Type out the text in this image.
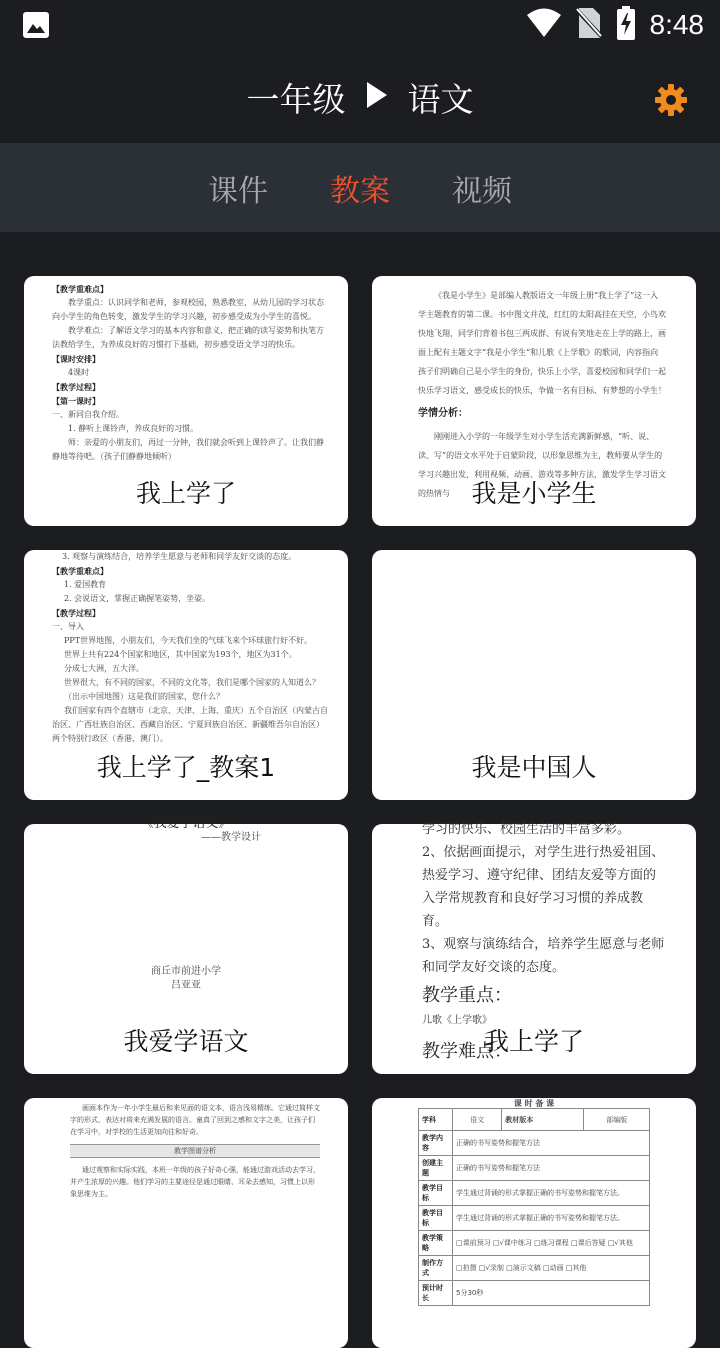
8:48
一年级 语文
课件 教案 视频
【教学重难点】
教学重点：认识同学和老师，参观校园，熟悉教室，从幼儿园的学习状态向小学生的角色转变，激发学生的学习兴趣，初步感受成为小学生的喜悦。
教学难点：了解语文学习的基本内容和意义，把正确的读写姿势和执笔方法教给学生，为养成良好的习惯打下基础，初步感受语文学习的快乐。
【课时安排】
4课时
【教学过程】
【第一课时】
一、新同自我介绍。
1. 静听上课铃声，养成良好的习惯。
师：亲爱的小朋友们，再过一分钟，我们就会听到上课铃声了。让我们静静地等待吧。（孩子们静静地倾听）
我上学了
《我是小学生》是部编人教版语文一年级上册“我上学了”这一入学主题教育的第二课。书中图文并茂，红红的太阳高挂在天空，小鸟欢快地飞翔，同学们背着书包三两成群、有说有笑地走在上学的路上，画面上配有主题文字“我是小学生”和儿歌《上学歌》的歌词，内容指向孩子们明确自己是小学生的身份，快乐上小学，喜爱校园和同学们一起快乐学习语文，感受成长的快乐，争做一名有目标、有梦想的小学生！
学情分析：
刚刚进入小学的一年级学生对小学生活充满新鲜感，“听、说、读、写”的语文水平处于启蒙阶段，以形象思维为主，教师要从学生的学习兴趣出发，利用视频、动画、游戏等多种方法，激发学生学习语文的热情与 我是小学生
3. 观察与演练结合，培养学生愿意与老师和同学友好交谈的态度。
【教学重难点】
1. 爱国教育
2. 会说语文，掌握正确握笔姿势，坐姿。
【教学过程】
一、导入
PPT世界地图，小朋友们，今天我们坐的气球飞来个环球旅行好不好。
世界上共有224个国家和地区，其中国家为193个，地区为31个。
分成七大洲，五大洋。
世界很大，有不同的国家，不同的文化等，我们是哪个国家的人知道么？
（出示中国地图）这是我们的国家，您什么？
我们国家有四个直辖市（北京、天津、上海、重庆）五个自治区（内蒙古自治区、广西壮族自治区、西藏自治区、宁夏回族自治区、新疆维吾尔自治区）两个特别行政区（香港、澳门）。
我上学了_教案1	我是中国人
《我爱学语文》
——教学设计
商丘市前进小学
吕亚亚
我爱学语文
学习的快乐、校园生活的丰富多彩。
2、依据画面提示，对学生进行热爱祖国、热爱学习、遵守纪律、团结友爱等方面的入学常规教育和良好学习习惯的养成教育。
3、观察与演练结合，培养学生愿意与老师和同学友好交谈的态度。
教学重点：
儿歌《上学歌》
教学难点：
我上学了
画面本作为一年小学生最后和来见面的语文本，语言浅易精练。它通过简样文字的形式，表达对将来充满发展的语言。童真了回到之感和文字之美，让孩子们在学习中，对学校的生活更加向往和好奇。
教学图谱分析
通过观察和实际实践，本班一年级的孩子好奇心强，能通过游戏活动去学习，并产生浓厚的兴趣。他们学习的主要途径是通过眼睛、耳朵去感知，习惯上以形象思维为主。
课 时 备 课
学科	语文	教材版本	部编版
教学内容	正确的书写姿势和握笔方法		
创建主题	正确的书写姿势和握笔方法		
教学目标	学生通过背诵的形式掌握正确的书写姿势和握笔方法。		
教学目标	学生通过背诵的形式掌握正确的书写姿势和握笔方法。		
教学策略	□课前预习 □√课中练习 □练习课程 □课后答疑 □√其他		
制作方式	□拍摄 □√录制 □演示文稿 □动画 □其他		
预计时长	5分30秒		
